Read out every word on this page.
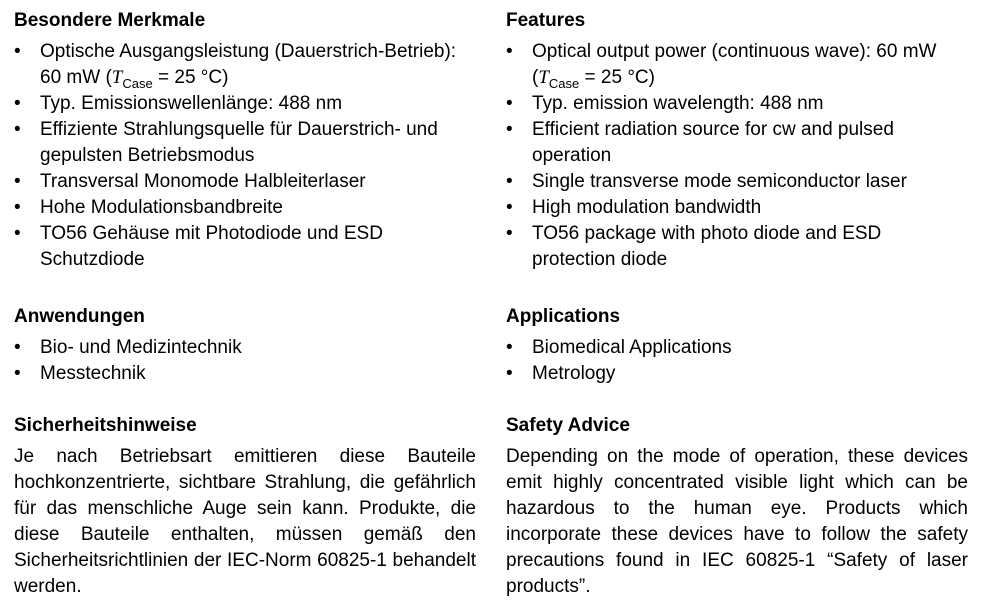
Besondere Merkmale
• Optische Ausgangsleistung (Dauerstrich-Betrieb): 60 mW ($T_{Case} = 25$ °C)
• Typ. Emissionswellenlänge: 488 nm
• Effiziente Strahlungsquelle für Dauerstrich- und gepulsten Betriebsmodus
• Transversal Monomode Halbleiterlaser
• Hohe Modulationsbandbreite
• TO56 Gehäuse mit Photodiode und ESD Schutzdiode
Anwendungen
• Bio- und Medizintechnik
• Messtechnik
Sicherheitshinweise

Je nach Betriebsart emittieren diese Bauteile hochkonzentrierte, sichtbare Strahlung, die gefährlich für das menschliche Auge sein kann. Produkte, die diese Bauteile enthalten, müssen gemäß den Sicherheitsrichtlinien der IEC-Norm 60825-1 behandelt werden.

Features
• Optical output power (continuous wave): 60 mW ($T_{Case} = 25$ °C)
• Typ. emission wavelength: 488 nm
• Efficient radiation source for cw and pulsed operation
• Single transverse mode semiconductor laser
• High modulation bandwidth
• TO56 package with photo diode and ESD protection diode
Applications
• Biomedical Applications
• Metrology
Safety Advice

Depending on the mode of operation, these devices emit highly concentrated visible light which can be hazardous to the human eye. Products which incorporate these devices have to follow the safety precautions found in IEC 60825-1 “Safety of laser products”.
